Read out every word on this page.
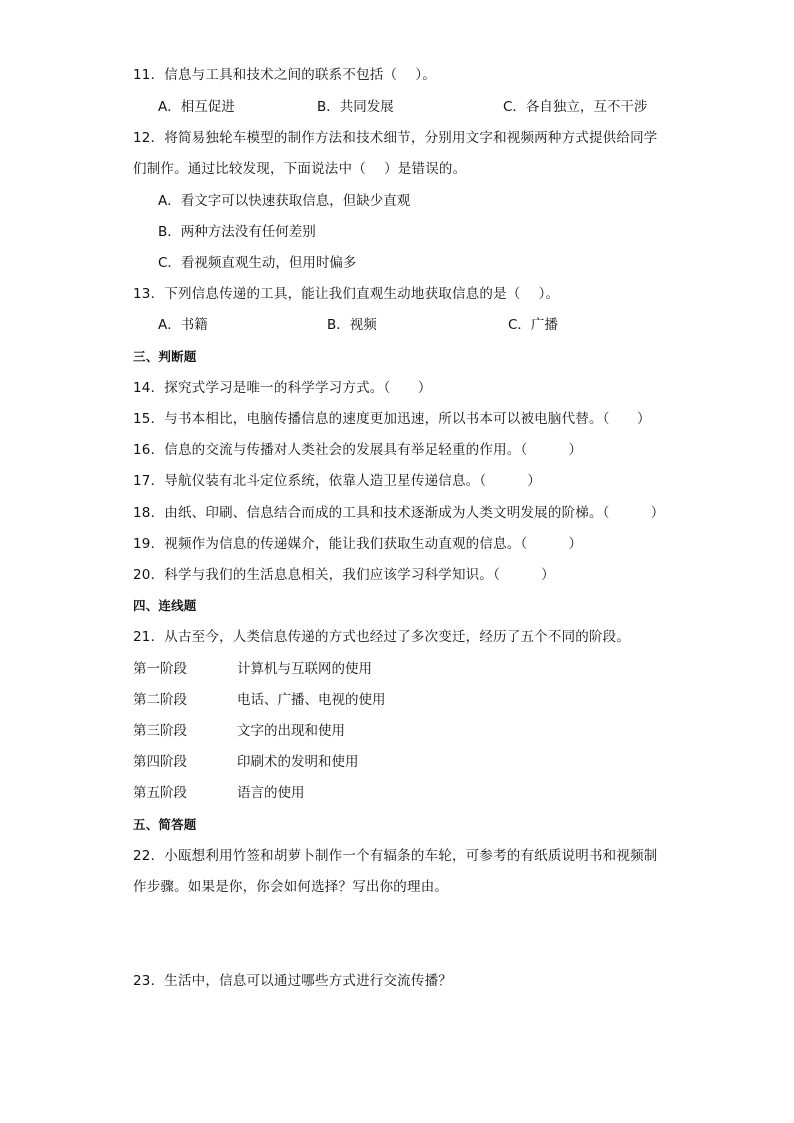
11．信息与工具和技术之间的联系不包括（　 ）。
A．相互促进	B．共同发展	C．各自独立，互不干涉
12．将简易独轮车模型的制作方法和技术细节，分别用文字和视频两种方式提供给同学
们制作。通过比较发现，下面说法中（　 ）是错误的。
A．看文字可以快速获取信息，但缺少直观
B．两种方法没有任何差别
C．看视频直观生动，但用时偏多
13．下列信息传递的工具，能让我们直观生动地获取信息的是（　 ）。
A．书籍	B．视频	C．广播
三、判断题
14．探究式学习是唯一的科学学习方式。（　　）
15．与书本相比，电脑传播信息的速度更加迅速，所以书本可以被电脑代替。（　　）
16．信息的交流与传播对人类社会的发展具有举足轻重的作用。（　　　）
17．导航仪装有北斗定位系统，依靠人造卫星传递信息。（　　　）
18．由纸、印刷、信息结合而成的工具和技术逐渐成为人类文明发展的阶梯。（　　　）
19．视频作为信息的传递媒介，能让我们获取生动直观的信息。（　　　）
20．科学与我们的生活息息相关，我们应该学习科学知识。（　　　）
四、连线题
21．从古至今，人类信息传递的方式也经过了多次变迁，经历了五个不同的阶段。
第一阶段	计算机与互联网的使用
第二阶段	电话、广播、电视的使用
第三阶段	文字的出现和使用
第四阶段	印刷术的发明和使用
第五阶段	语言的使用
五、简答题
22．小瓯想利用竹签和胡萝卜制作一个有辐条的车轮，可参考的有纸质说明书和视频制
作步骤。如果是你，你会如何选择？写出你的理由。
23．生活中，信息可以通过哪些方式进行交流传播？
